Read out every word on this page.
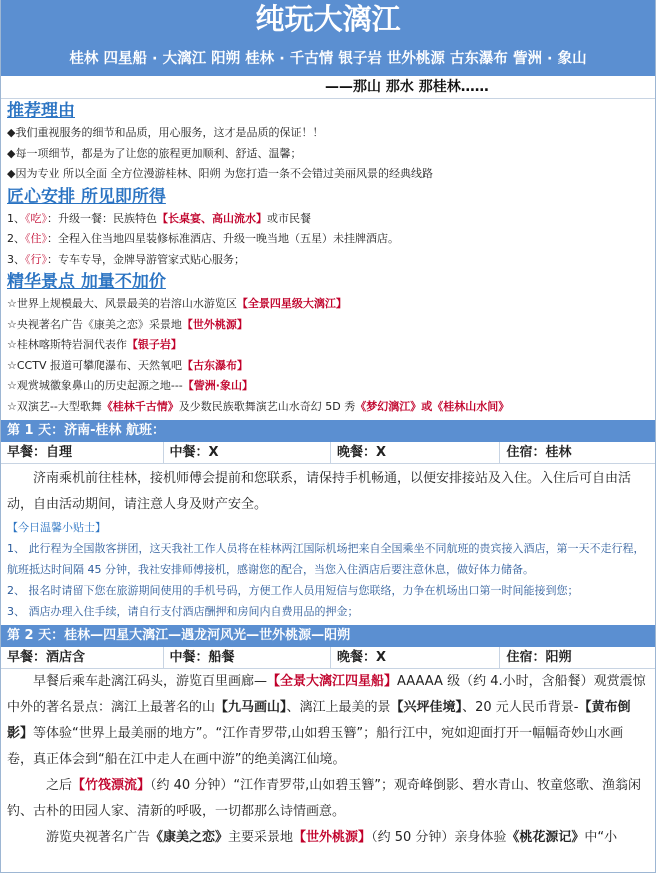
纯玩大漓江
桂林 四星船 · 大漓江 阳朔 桂林 · 千古情 银子岩 世外桃源 古东瀑布 訾洲 · 象山
——那山 那水 那桂林……
推荐理由
◆我们重视服务的细节和品质，用心服务，这才是品质的保证！！
◆每一项细节，都是为了让您的旅程更加顺利、舒适、温馨；
◆因为专业 所以全面 全方位漫游桂林、阳朔 为您打造一条不会错过美丽风景的经典线路
匠心安排 所见即所得
1、《吃》：升级一餐：民族特色【长桌宴、高山流水】或市民餐
2、《住》：全程入住当地四星装修标准酒店、升级一晚当地（五星）未挂牌酒店。
3、《行》：专车专导，金牌导游管家式贴心服务；
精华景点 加量不加价
☆世界上规模最大、风景最美的岩溶山水游览区【全景四星级大漓江】
☆央视著名广告《康美之恋》采景地【世外桃源】
☆桂林喀斯特岩洞代表作【银子岩】
☆CCTV 报道可攀爬瀑布、天然氧吧【古东瀑布】
☆观赏城徽象鼻山的历史起源之地---【訾洲·象山】
☆双演艺--大型歌舞《桂林千古情》及少数民族歌舞演艺山水奇幻 5D 秀《梦幻漓江》或《桂林山水间》
第 1 天：济南-桂林 航班：
早餐：自理	中餐：X	晚餐：X	住宿：桂林
济南乘机前往桂林，接机师傅会提前和您联系，请保持手机畅通，以便安排接站及入住。入住后可自由活动，自由活动期间，请注意人身及财产安全。
【今日温馨小贴士】
1、 此行程为全国散客拼团，这天我社工作人员将在桂林两江国际机场把来自全国乘坐不同航班的贵宾接入酒店，第一天不走行程，航班抵达时间隔 45 分钟，我社安排师傅接机，感谢您的配合，当您入住酒店后要注意休息，做好体力储备。
2、 报名时请留下您在旅游期间使用的手机号码，方便工作人员用短信与您联络，力争在机场出口第一时间能接到您；
3、 酒店办理入住手续，请自行支付酒店酬押和房间内自费用品的押金；
第 2 天：桂林—四星大漓江—遇龙河风光—世外桃源—阳朔
早餐：酒店含	中餐：船餐	晚餐：X	住宿：阳朔
早餐后乘车赴漓江码头，游览百里画廊—【全景大漓江四星船】AAAAA 级（约 4.小时，含船餐）观赏震惊中外的著名景点：漓江上最著名的山【九马画山】、漓江上最美的景【兴坪佳境】、20 元人民币背景-【黄布倒影】等体验“世界上最美丽的地方”。“江作青罗带,山如碧玉簪”；船行江中，宛如迎面打开一幅幅奇妙山水画卷，真正体会到“船在江中走人在画中游”的绝美漓江仙境。
之后【竹筏漂流】（约 40 分钟）“江作青罗带,山如碧玉簪”；观奇峰倒影、碧水青山、牧童悠歌、渔翁闲钓、古朴的田园人家、清新的呼吸，一切都那么诗情画意。
游览央视著名广告《康美之恋》主要采景地【世外桃源】（约 50 分钟）亲身体验《桃花源记》中“小
